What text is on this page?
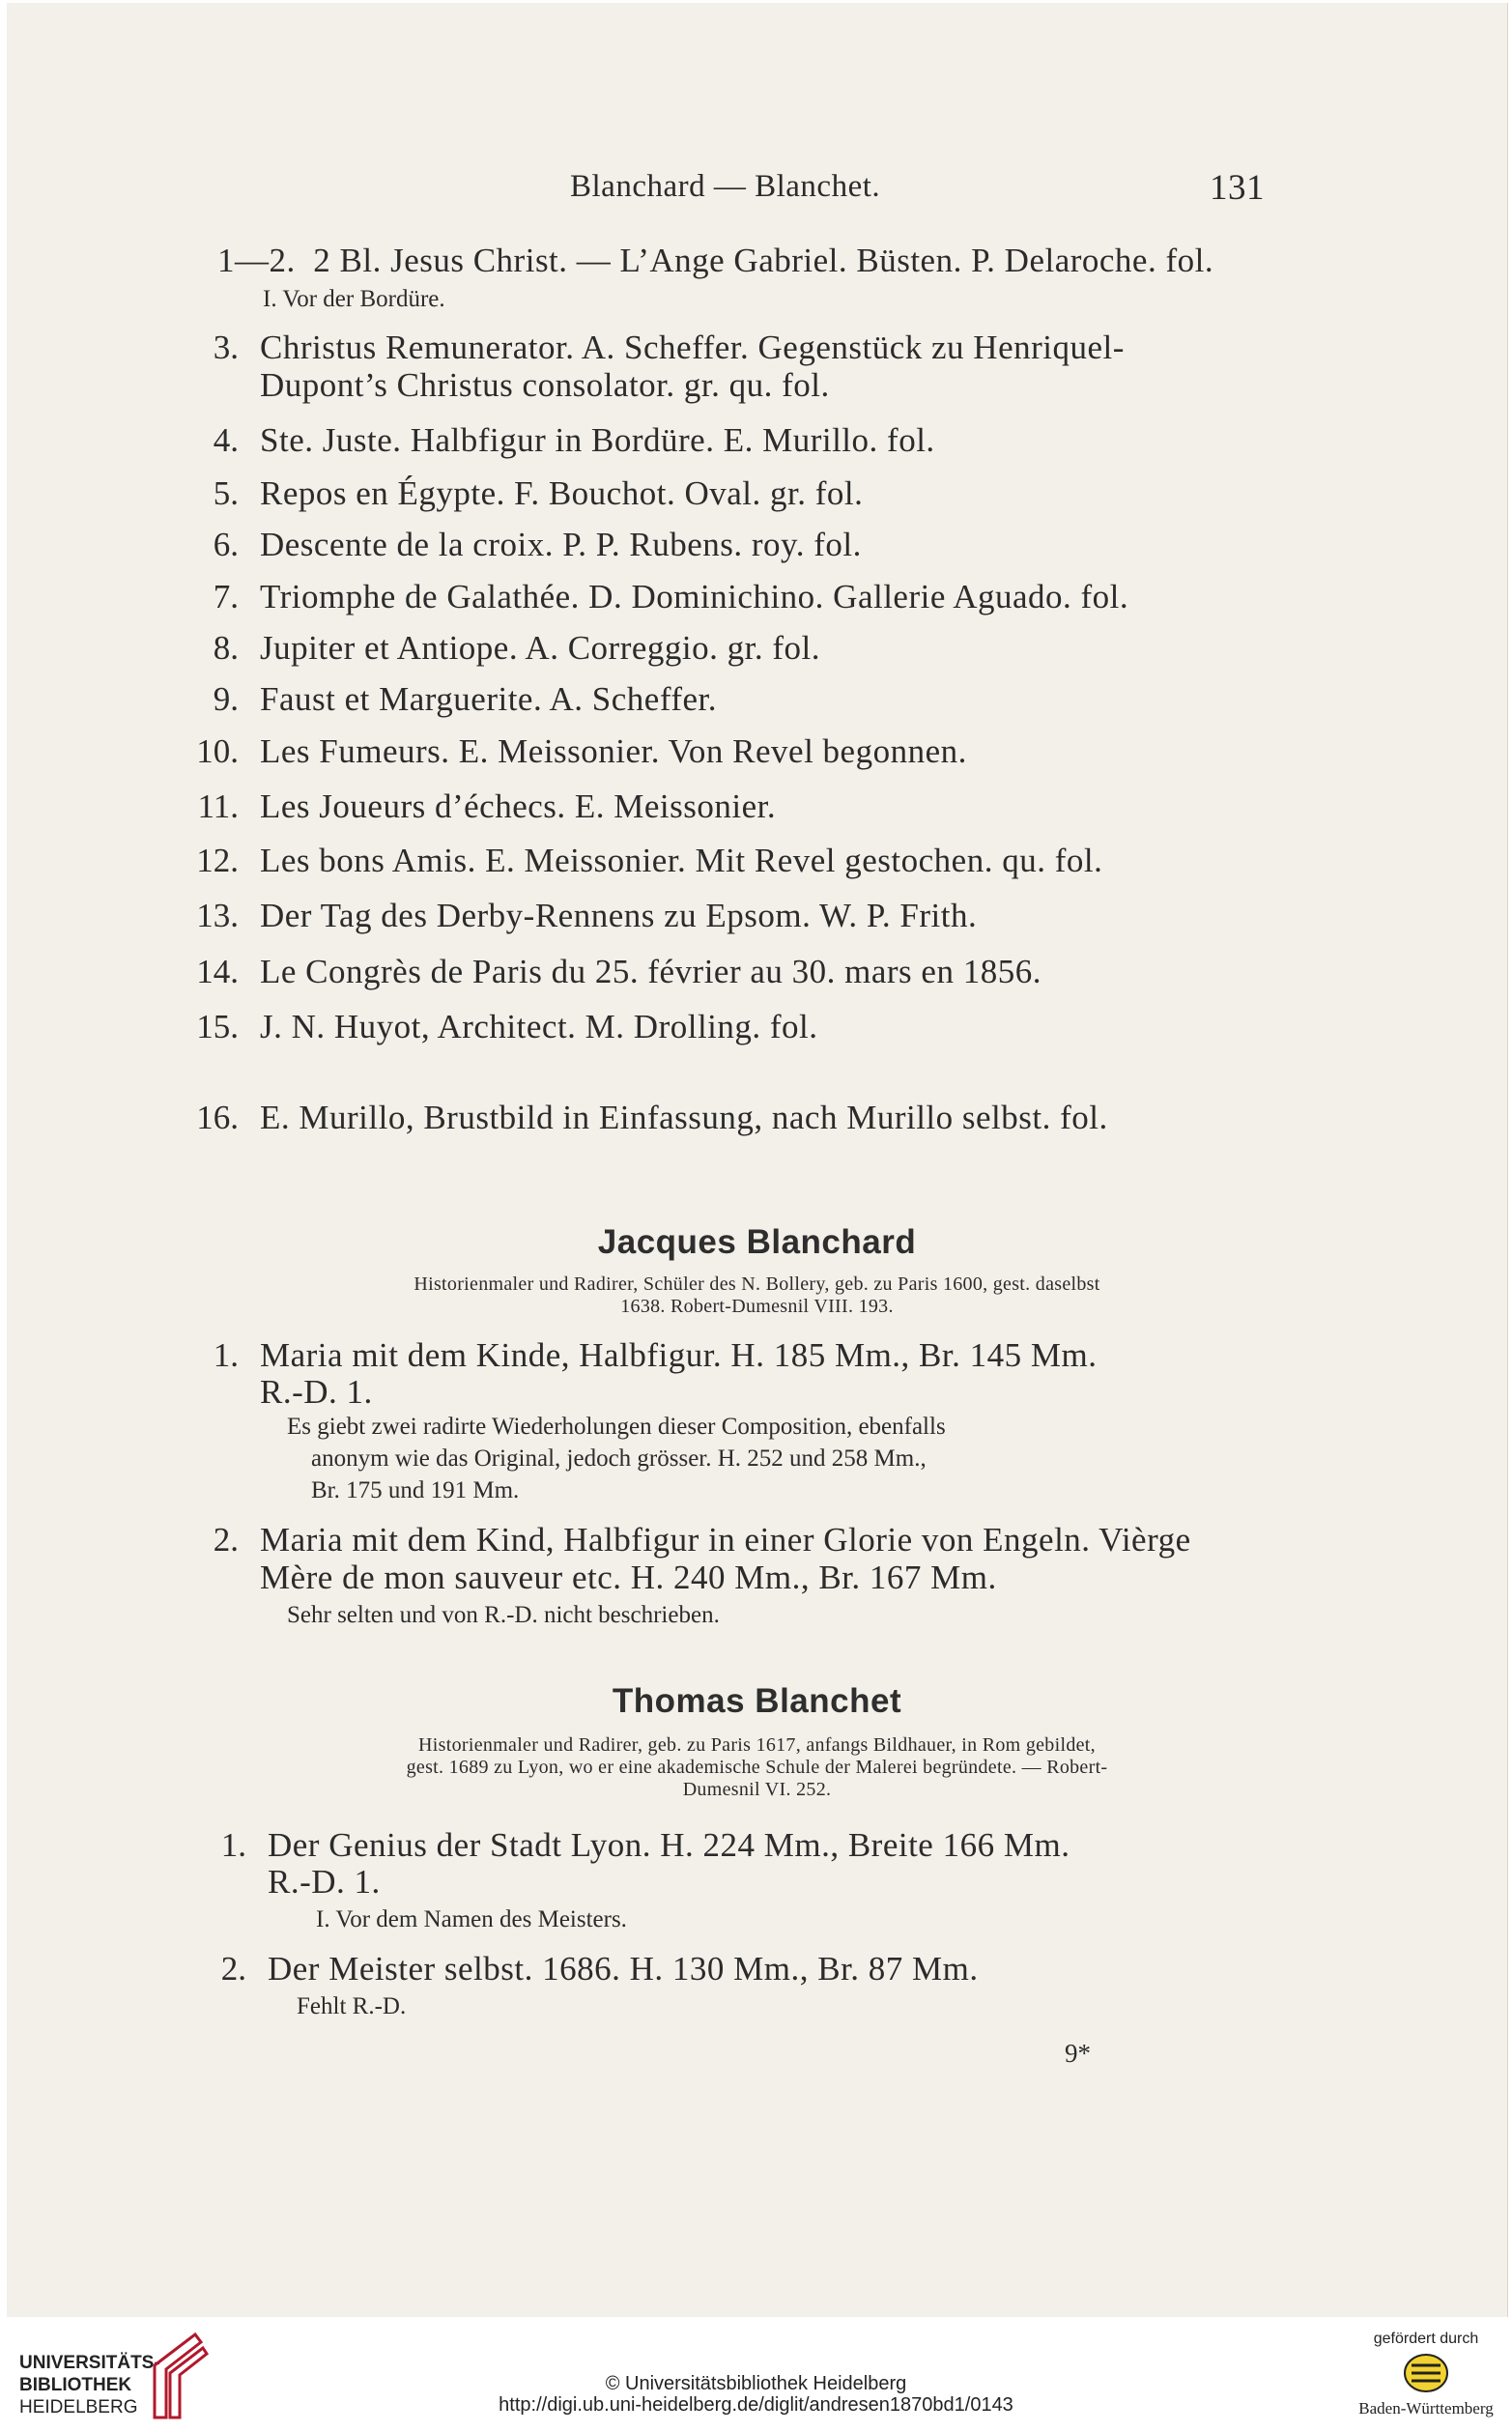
Blanchard — Blanchet.	131
1—2. 2 Bl. Jesus Christ. — L’Ange Gabriel. Büsten. P. Delaroche. fol.
I. Vor der Bordüre.
3. Christus Remunerator. A. Scheffer. Gegenstück zu Henriquel-
Dupont’s Christus consolator. gr. qu. fol.
4. Ste. Juste. Halbfigur in Bordüre. E. Murillo. fol.
5. Repos en Égypte. F. Bouchot. Oval. gr. fol.
6. Descente de la croix. P. P. Rubens. roy. fol.
7. Triomphe de Galathée. D. Dominichino. Gallerie Aguado. fol.
8. Jupiter et Antiope. A. Correggio. gr. fol.
9. Faust et Marguerite. A. Scheffer.
10. Les Fumeurs. E. Meissonier. Von Revel begonnen.
11. Les Joueurs d’échecs. E. Meissonier.
12. Les bons Amis. E. Meissonier. Mit Revel gestochen. qu. fol.
13. Der Tag des Derby-Rennens zu Epsom. W. P. Frith.
14. Le Congrès de Paris du 25. février au 30. mars en 1856.
15. J. N. Huyot, Architect. M. Drolling. fol.
16. E. Murillo, Brustbild in Einfassung, nach Murillo selbst. fol.
Jacques Blanchard
Historienmaler und Radirer, Schüler des N. Bollery, geb. zu Paris 1600, gest. daselbst
1638. Robert-Dumesnil VIII. 193.
1. Maria mit dem Kinde, Halbfigur. H. 185 Mm., Br. 145 Mm.
R.-D. 1.
Es giebt zwei radirte Wiederholungen dieser Composition, ebenfalls
anonym wie das Original, jedoch grösser. H. 252 und 258 Mm.,
Br. 175 und 191 Mm.
2. Maria mit dem Kind, Halbfigur in einer Glorie von Engeln. Vièrge
Mère de mon sauveur etc. H. 240 Mm., Br. 167 Mm.
Sehr selten und von R.-D. nicht beschrieben.
Thomas Blanchet
Historienmaler und Radirer, geb. zu Paris 1617, anfangs Bildhauer, in Rom gebildet,
gest. 1689 zu Lyon, wo er eine akademische Schule der Malerei begründete. — Robert-
Dumesnil VI. 252.
1. Der Genius der Stadt Lyon. H. 224 Mm., Breite 166 Mm.
R.-D. 1.
I. Vor dem Namen des Meisters.
2. Der Meister selbst. 1686. H. 130 Mm., Br. 87 Mm.
Fehlt R.-D.
9*
UNIVERSITÄTS-
BIBLIOTHEK
HEIDELBERG
© Universitätsbibliothek Heidelberg
http://digi.ub.uni-heidelberg.de/diglit/andresen1870bd1/0143
gefördert durch
Baden-Württemberg
